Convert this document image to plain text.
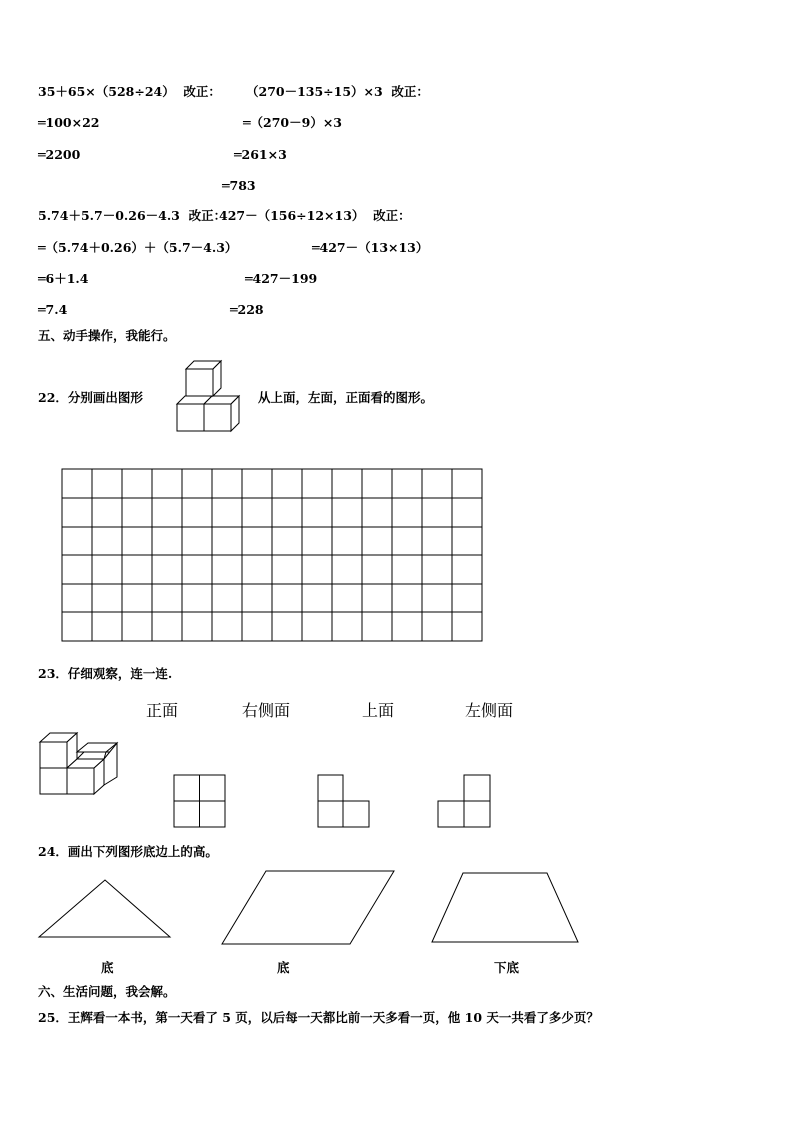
35＋65×（528÷24）  改正： （270－135÷15）×3  改正：
═100×22	═（270－9）×3
═2200	═261×3
═783
5.74＋5.7－0.26－4.3  改正：
427－（156÷12×13）  改正：
═（5.74＋0.26）＋（5.7－4.3）	═427－（13×13）
═6＋1.4	═427－199
═7.4	═228
五、动手操作，我能行。
22．分别画出图形	从上面，左面，正面看的图形。
23．仔细观察，连一连.
正面	右侧面	上面	左侧面
24．画出下列图形底边上的高。
底	底	下底
六、生活问题，我会解。
25．王辉看一本书，第一天看了 5 页，以后每一天都比前一天多看一页，他 10 天一共看了多少页？
